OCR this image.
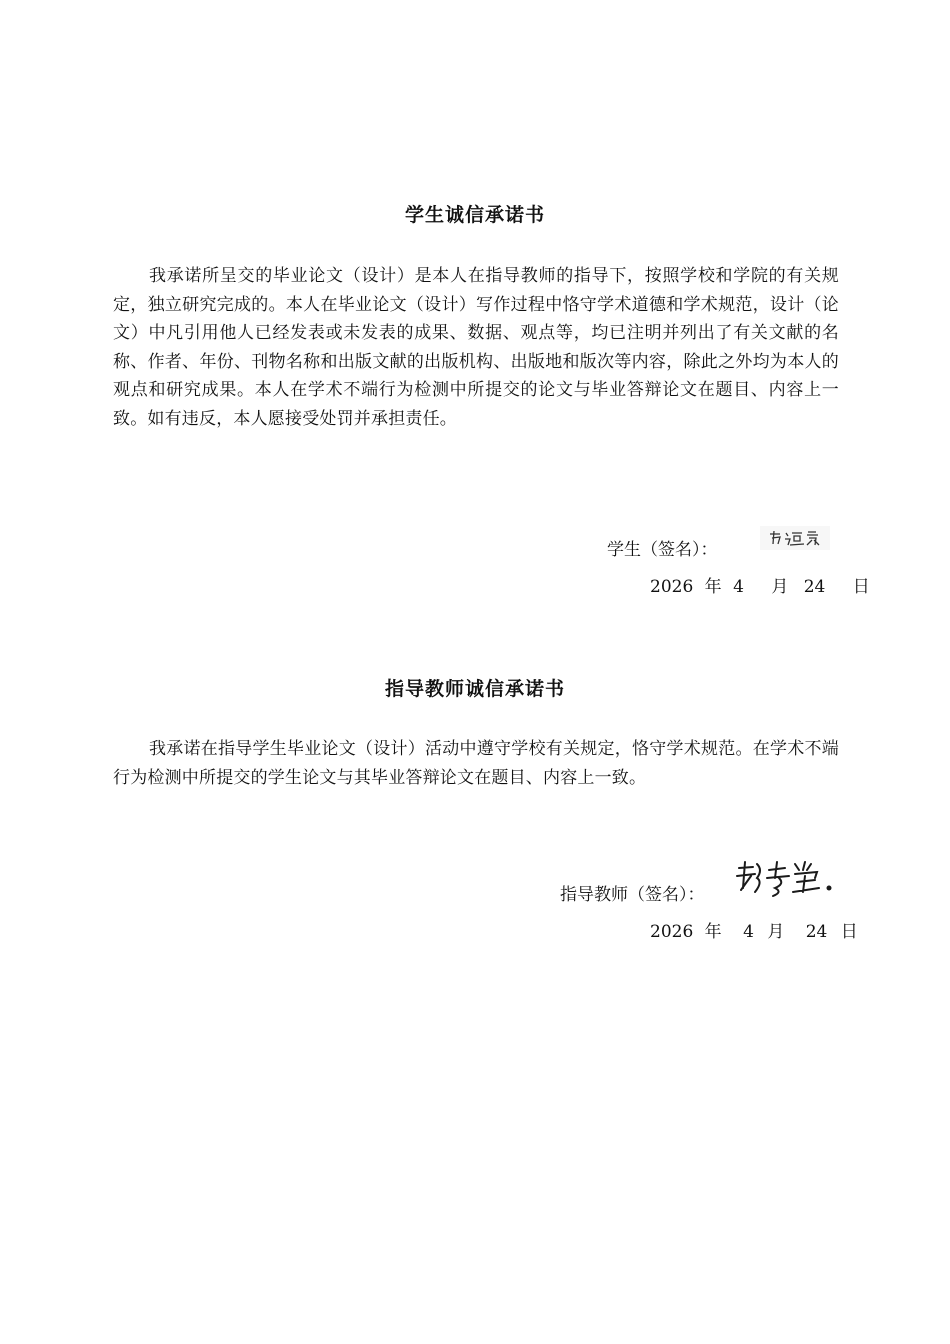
学生诚信承诺书
我承诺所呈交的毕业论文（设计）是本人在指导教师的指导下，按照学校和学院的有关规定，独立研究完成的。本人在毕业论文（设计）写作过程中恪守学术道德和学术规范，设计（论文）中凡引用他人已经发表或未发表的成果、数据、观点等，均已注明并列出了有关文献的名称、作者、年份、刊物名称和出版文献的出版机构、出版地和版次等内容，除此之外均为本人的观点和研究成果。本人在学术不端行为检测中所提交的论文与毕业答辩论文在题目、内容上一致。如有违反，本人愿接受处罚并承担责任。
学生（签名）：
2026 年 4 月 24 日
指导教师诚信承诺书
我承诺在指导学生毕业论文（设计）活动中遵守学校有关规定，恪守学术规范。在学术不端行为检测中所提交的学生论文与其毕业答辩论文在题目、内容上一致。
指导教师（签名）：
2026 年 4 月 24 日
